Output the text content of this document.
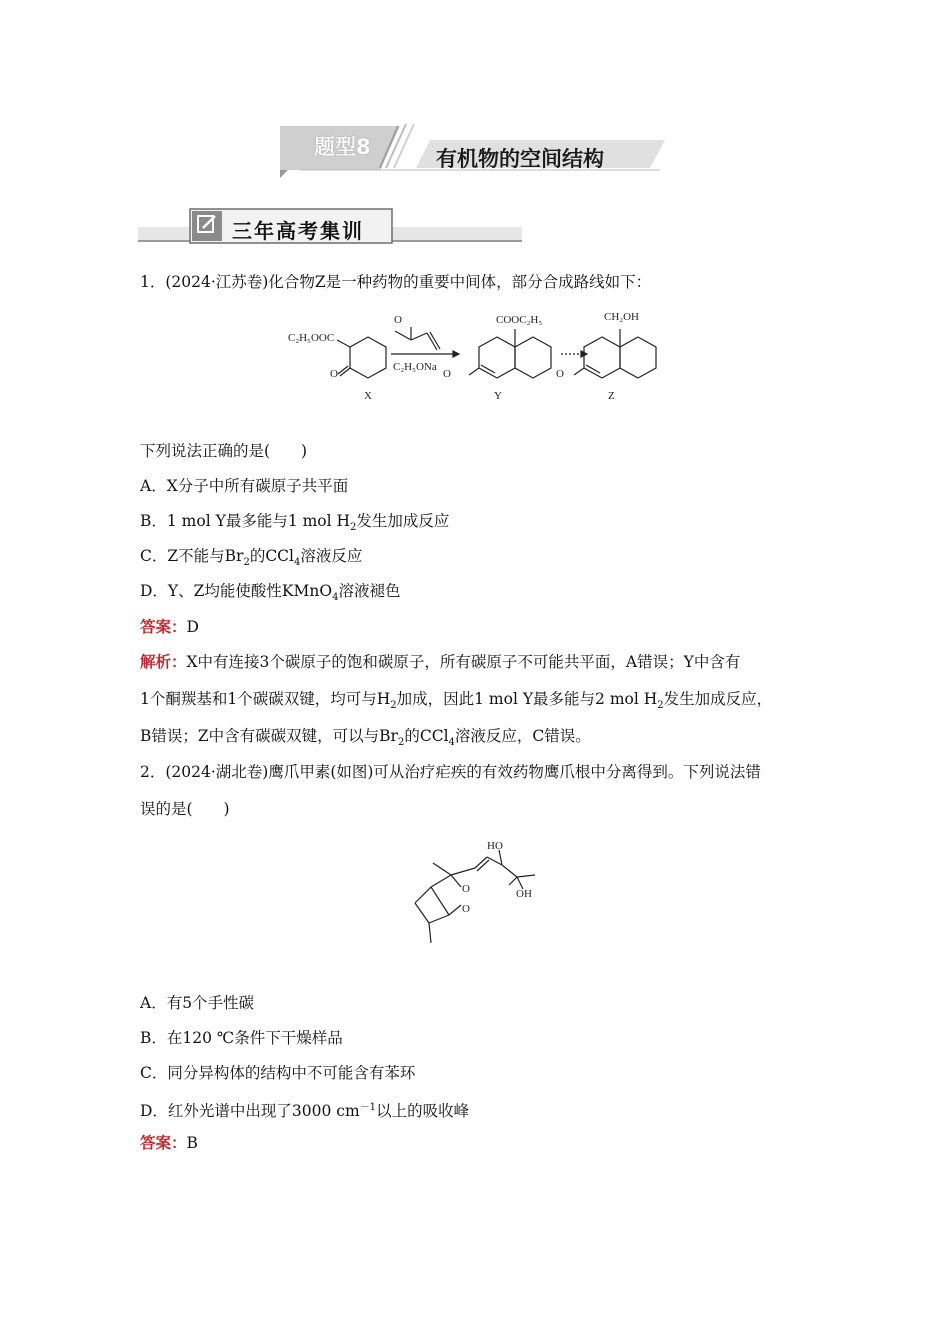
题型8	有机物的空间结构
三年高考集训
1．(2024·江苏卷)化合物Z是一种药物的重要中间体，部分合成路线如下：
C₂H₅OOC
O
O
C₂H₅ONa
COOC₂H₅
O
CH₂OH
O
X	Y	Z
下列说法正确的是(　　)
A．X分子中所有碳原子共平面
B．1 mol Y最多能与1 mol $H_2$发生加成反应
C．Z不能与$Br_2$的CCl$_4$溶液反应
D．Y、Z均能使酸性KMnO$_4$溶液褪色
答案：D
解析：X中有连接3个碳原子的饱和碳原子，所有碳原子不可能共平面，A错误；Y中含有
1个酮羰基和1个碳碳双键，均可与$H_2$加成，因此1 mol Y最多能与2 mol $H_2$发生加成反应，
B错误；Z中含有碳碳双键，可以与$Br_2$的CCl$_4$溶液反应，C错误。
2．(2024·湖北卷)鹰爪甲素(如图)可从治疗疟疾的有效药物鹰爪根中分离得到。下列说法错
误的是(　　)
HO
OH
O
O
A．有5个手性碳
B．在120 ℃条件下干燥样品
C．同分异构体的结构中不可能含有苯环
D．红外光谱中出现了3000 $cm^{-1}$以上的吸收峰
答案：B
